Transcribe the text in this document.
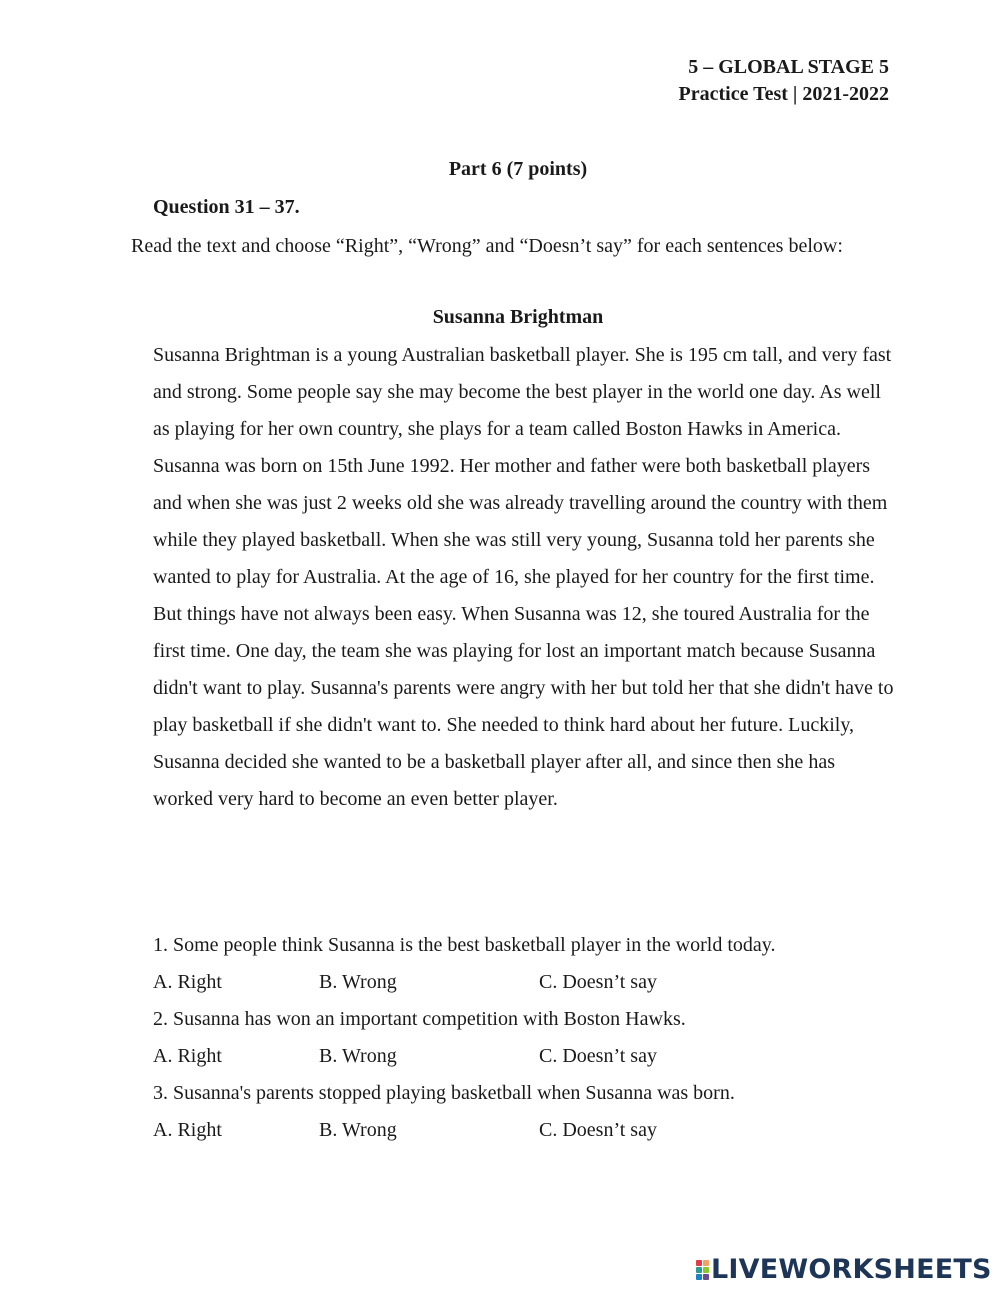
5 – GLOBAL STAGE 5
Practice Test | 2021-2022
Part 6 (7 points)
Question 31 – 37.
Read the text and choose “Right”, “Wrong” and “Doesn’t say” for each sentences below:
Susanna Brightman

Susanna Brightman is a young Australian basketball player. She is 195 cm tall, and very fast and strong. Some people say she may become the best player in the world one day. As well as playing for her own country, she plays for a team called Boston Hawks in America.

Susanna was born on 15th June 1992. Her mother and father were both basketball players and when she was just 2 weeks old she was already travelling around the country with them while they played basketball. When she was still very young, Susanna told her parents she wanted to play for Australia. At the age of 16, she played for her country for the first time.

But things have not always been easy. When Susanna was 12, she toured Australia for the first time. One day, the team she was playing for lost an important match because Susanna didn't want to play. Susanna's parents were angry with her but told her that she didn't have to play basketball if she didn't want to. She needed to think hard about her future. Luckily, Susanna decided she wanted to be a basketball player after all, and since then she has worked very hard to become an even better player.

1. Some people think Susanna is the best basketball player in the world today.
A. Right	B. Wrong	C. Doesn’t say
2. Susanna has won an important competition with Boston Hawks.
A. Right	B. Wrong	C. Doesn’t say
3. Susanna's parents stopped playing basketball when Susanna was born.
A. Right	B. Wrong	C. Doesn’t say
LIVEWORKSHEETS
